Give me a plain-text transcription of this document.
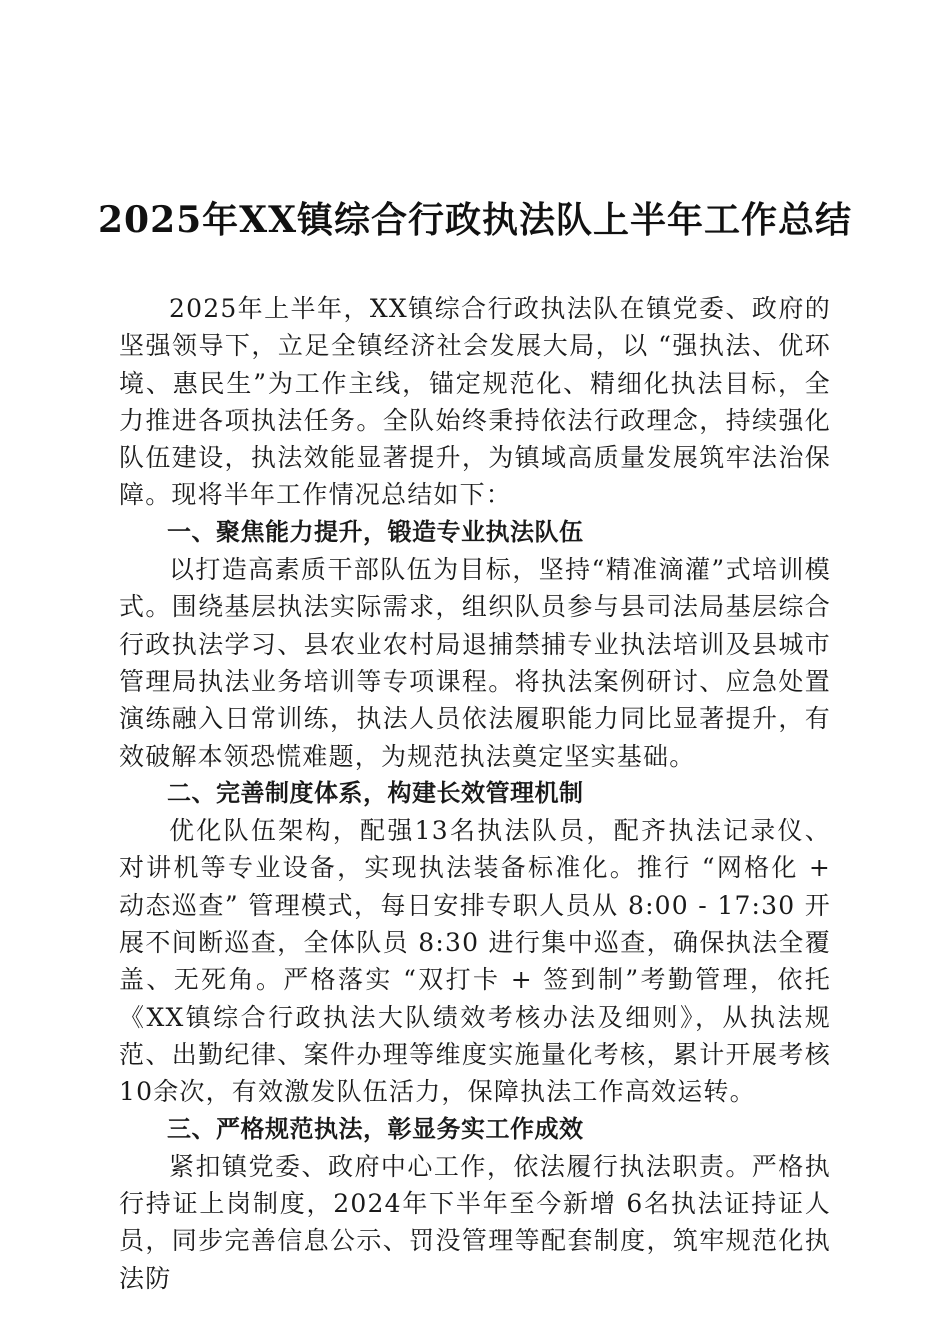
2025年XX镇综合行政执法队上半年工作总结

2025年上半年，XX镇综合行政执法队在镇党委、政府的坚强领导下，立足全镇经济社会发展大局，以 “强执法、优环境、惠民生”为工作主线，锚定规范化、精细化执法目标，全力推进各项执法任务。全队始终秉持依法行政理念，持续强化队伍建设，执法效能显著提升，为镇域高质量发展筑牢法治保障。现将半年工作情况总结如下：

一、聚焦能力提升，锻造专业执法队伍

以打造高素质干部队伍为目标，坚持“精准滴灌”式培训模式。围绕基层执法实际需求，组织队员参与县司法局基层综合行政执法学习、县农业农村局退捕禁捕专业执法培训及县城市管理局执法业务培训等专项课程。将执法案例研讨、应急处置演练融入日常训练，执法人员依法履职能力同比显著提升，有效破解本领恐慌难题，为规范执法奠定坚实基础。

二、完善制度体系，构建长效管理机制

优化队伍架构，配强13名执法队员，配齐执法记录仪、对讲机等专业设备，实现执法装备标准化。推行 “网格化 + 动态巡查” 管理模式，每日安排专职人员从 8:00 - 17:30 开展不间断巡查，全体队员 8:30 进行集中巡查，确保执法全覆盖、无死角。严格落实 “双打卡 + 签到制”考勤管理，依托《XX镇综合行政执法大队绩效考核办法及细则》，从执法规范、出勤纪律、案件办理等维度实施量化考核，累计开展考核10余次，有效激发队伍活力，保障执法工作高效运转。

三、严格规范执法，彰显务实工作成效

紧扣镇党委、政府中心工作，依法履行执法职责。严格执行持证上岗制度，2024年下半年至今新增 6名执法证持证人员，同步完善信息公示、罚没管理等配套制度，筑牢规范化执法防
